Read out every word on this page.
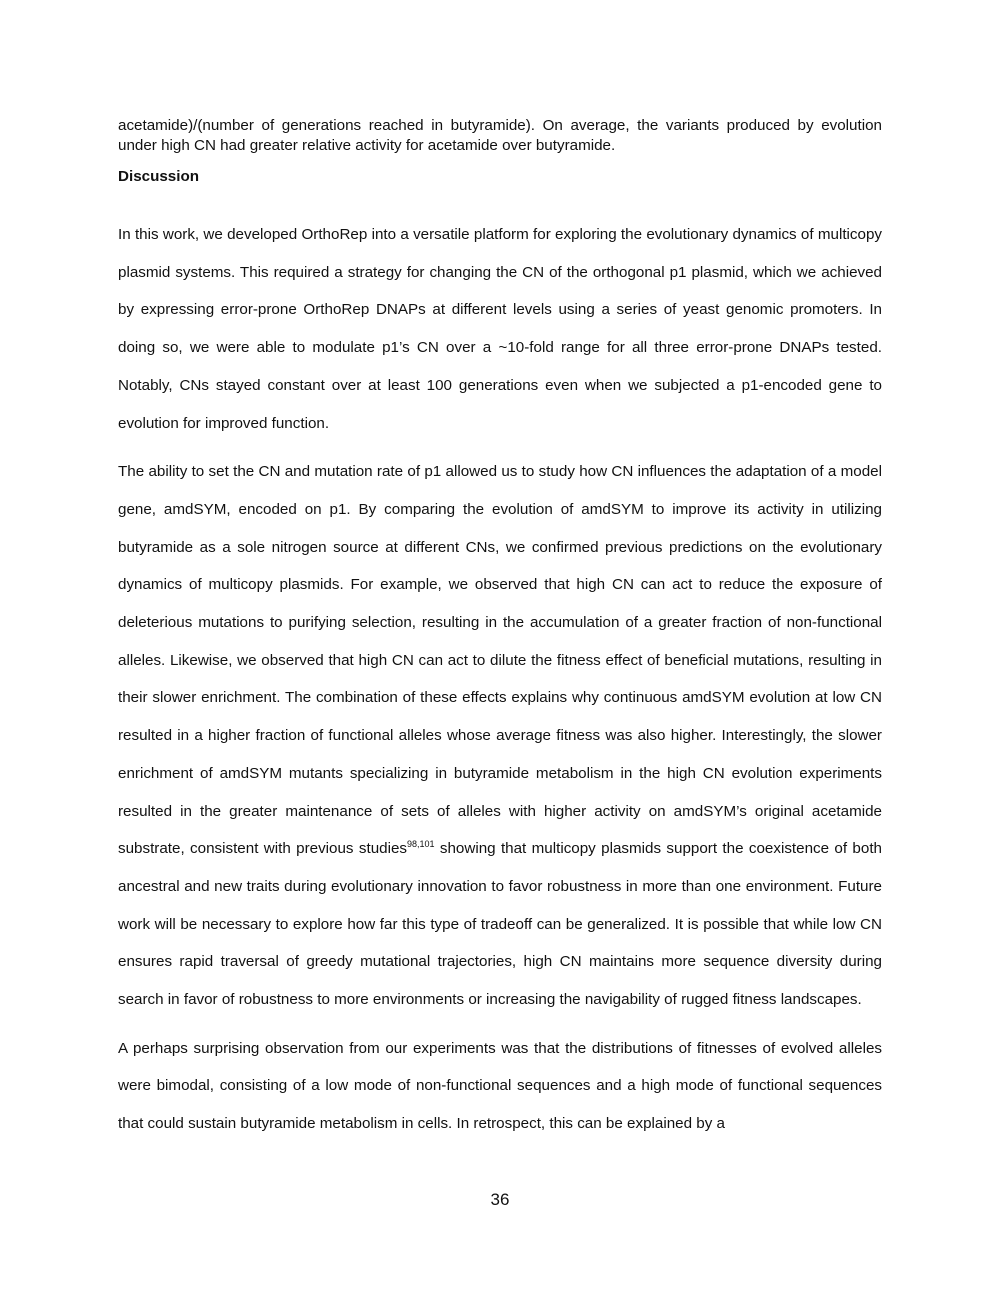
acetamide)/(number of generations reached in butyramide). On average, the variants produced by evolution under high CN had greater relative activity for acetamide over butyramide.

Discussion

In this work, we developed OrthoRep into a versatile platform for exploring the evolutionary dynamics of multicopy plasmid systems. This required a strategy for changing the CN of the orthogonal p1 plasmid, which we achieved by expressing error-prone OrthoRep DNAPs at different levels using a series of yeast genomic promoters. In doing so, we were able to modulate p1’s CN over a ~10-fold range for all three error-prone DNAPs tested. Notably, CNs stayed constant over at least 100 generations even when we subjected a p1-encoded gene to evolution for improved function.

The ability to set the CN and mutation rate of p1 allowed us to study how CN influences the adaptation of a model gene, amdSYM, encoded on p1. By comparing the evolution of amdSYM to improve its activity in utilizing butyramide as a sole nitrogen source at different CNs, we confirmed previous predictions on the evolutionary dynamics of multicopy plasmids. For example, we observed that high CN can act to reduce the exposure of deleterious mutations to purifying selection, resulting in the accumulation of a greater fraction of non-functional alleles. Likewise, we observed that high CN can act to dilute the fitness effect of beneficial mutations, resulting in their slower enrichment. The combination of these effects explains why continuous amdSYM evolution at low CN resulted in a higher fraction of functional alleles whose average fitness was also higher. Interestingly, the slower enrichment of amdSYM mutants specializing in butyramide metabolism in the high CN evolution experiments resulted in the greater maintenance of sets of alleles with higher activity on amdSYM’s original acetamide substrate, consistent with previous studies$^{98,101}$ showing that multicopy plasmids support the coexistence of both ancestral and new traits during evolutionary innovation to favor robustness in more than one environment. Future work will be necessary to explore how far this type of tradeoff can be generalized. It is possible that while low CN ensures rapid traversal of greedy mutational trajectories, high CN maintains more sequence diversity during search in favor of robustness to more environments or increasing the navigability of rugged fitness landscapes.

A perhaps surprising observation from our experiments was that the distributions of fitnesses of evolved alleles were bimodal, consisting of a low mode of non-functional sequences and a high mode of functional sequences that could sustain butyramide metabolism in cells. In retrospect, this can be explained by a

36
